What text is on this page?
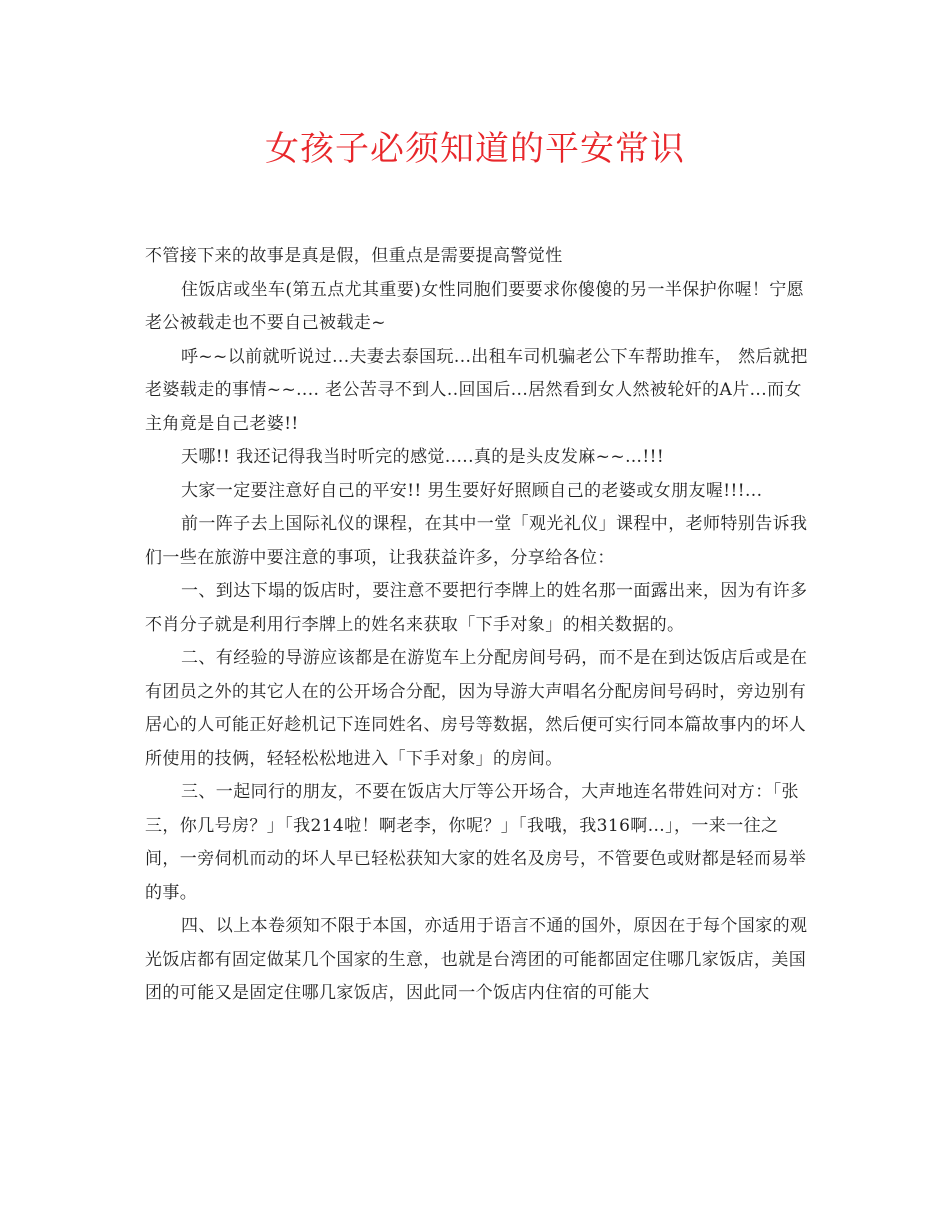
女孩子必须知道的平安常识

不管接下来的故事是真是假，但重点是需要提高警觉性

住饭店或坐车(第五点尤其重要)女性同胞们要要求你傻傻的另一半保护你喔！宁愿老公被载走也不要自己被载走~

呼~~以前就听说过...夫妻去泰国玩...出租车司机骗老公下车帮助推车， 然后就把老婆载走的事情~~.... 老公苦寻不到人..回国后...居然看到女人然被轮奸的A片...而女主角竟是自己老婆!!

天哪!! 我还记得我当时听完的感觉.....真的是头皮发麻~~…!!!

大家一定要注意好自己的平安!! 男生要好好照顾自己的老婆或女朋友喔!!!...

前一阵子去上国际礼仪的课程，在其中一堂「观光礼仪」课程中，老师特别告诉我们一些在旅游中要注意的事项，让我获益许多，分享给各位：

一、到达下塌的饭店时，要注意不要把行李牌上的姓名那一面露出来，因为有许多不肖分子就是利用行李牌上的姓名来获取「下手对象」的相关数据的。

二、有经验的导游应该都是在游览车上分配房间号码，而不是在到达饭店后或是在有团员之外的其它人在的公开场合分配，因为导游大声唱名分配房间号码时，旁边别有居心的人可能正好趁机记下连同姓名、房号等数据，然后便可实行同本篇故事内的坏人所使用的技俩，轻轻松松地进入「下手对象」的房间。

三、一起同行的朋友，不要在饭店大厅等公开场合，大声地连名带姓问对方：「张三，你几号房？」「我214啦！啊老李，你呢？」「我哦，我316啊...」，一来一往之间，一旁伺机而动的坏人早已轻松获知大家的姓名及房号，不管要色或财都是轻而易举的事。

四、以上本卷须知不限于本国，亦适用于语言不通的国外，原因在于每个国家的观光饭店都有固定做某几个国家的生意，也就是台湾团的可能都固定住哪几家饭店，美国团的可能又是固定住哪几家饭店，因此同一个饭店内住宿的可能大
